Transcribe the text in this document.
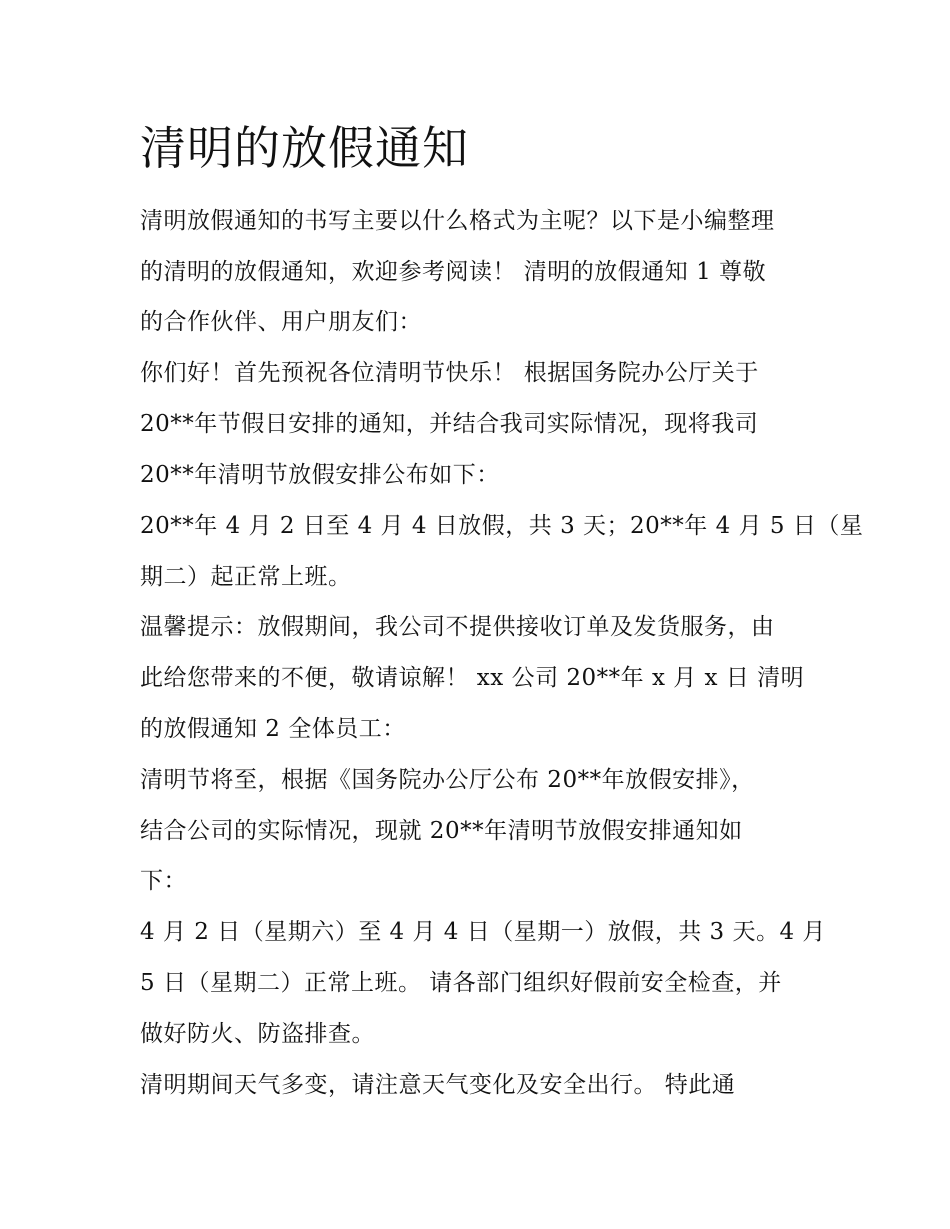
清明的放假通知
清明放假通知的书写主要以什么格式为主呢？以下是小编整理
的清明的放假通知，欢迎参考阅读！ 清明的放假通知 1 尊敬
的合作伙伴、用户朋友们：
你们好！首先预祝各位清明节快乐！ 根据国务院办公厅关于
20**年节假日安排的通知，并结合我司实际情况，现将我司
20**年清明节放假安排公布如下：
20**年 4 月 2 日至 4 月 4 日放假，共 3 天；20**年 4 月 5 日（星
期二）起正常上班。
温馨提示：放假期间，我公司不提供接收订单及发货服务，由
此给您带来的不便，敬请谅解！ xx 公司 20**年 x 月 x 日 清明
的放假通知 2 全体员工：
清明节将至，根据《国务院办公厅公布 20**年放假安排》，
结合公司的实际情况，现就 20**年清明节放假安排通知如
下：
4 月 2 日（星期六）至 4 月 4 日（星期一）放假，共 3 天。4 月
5 日（星期二）正常上班。 请各部门组织好假前安全检查，并
做好防火、防盗排查。
清明期间天气多变，请注意天气变化及安全出行。 特此通
